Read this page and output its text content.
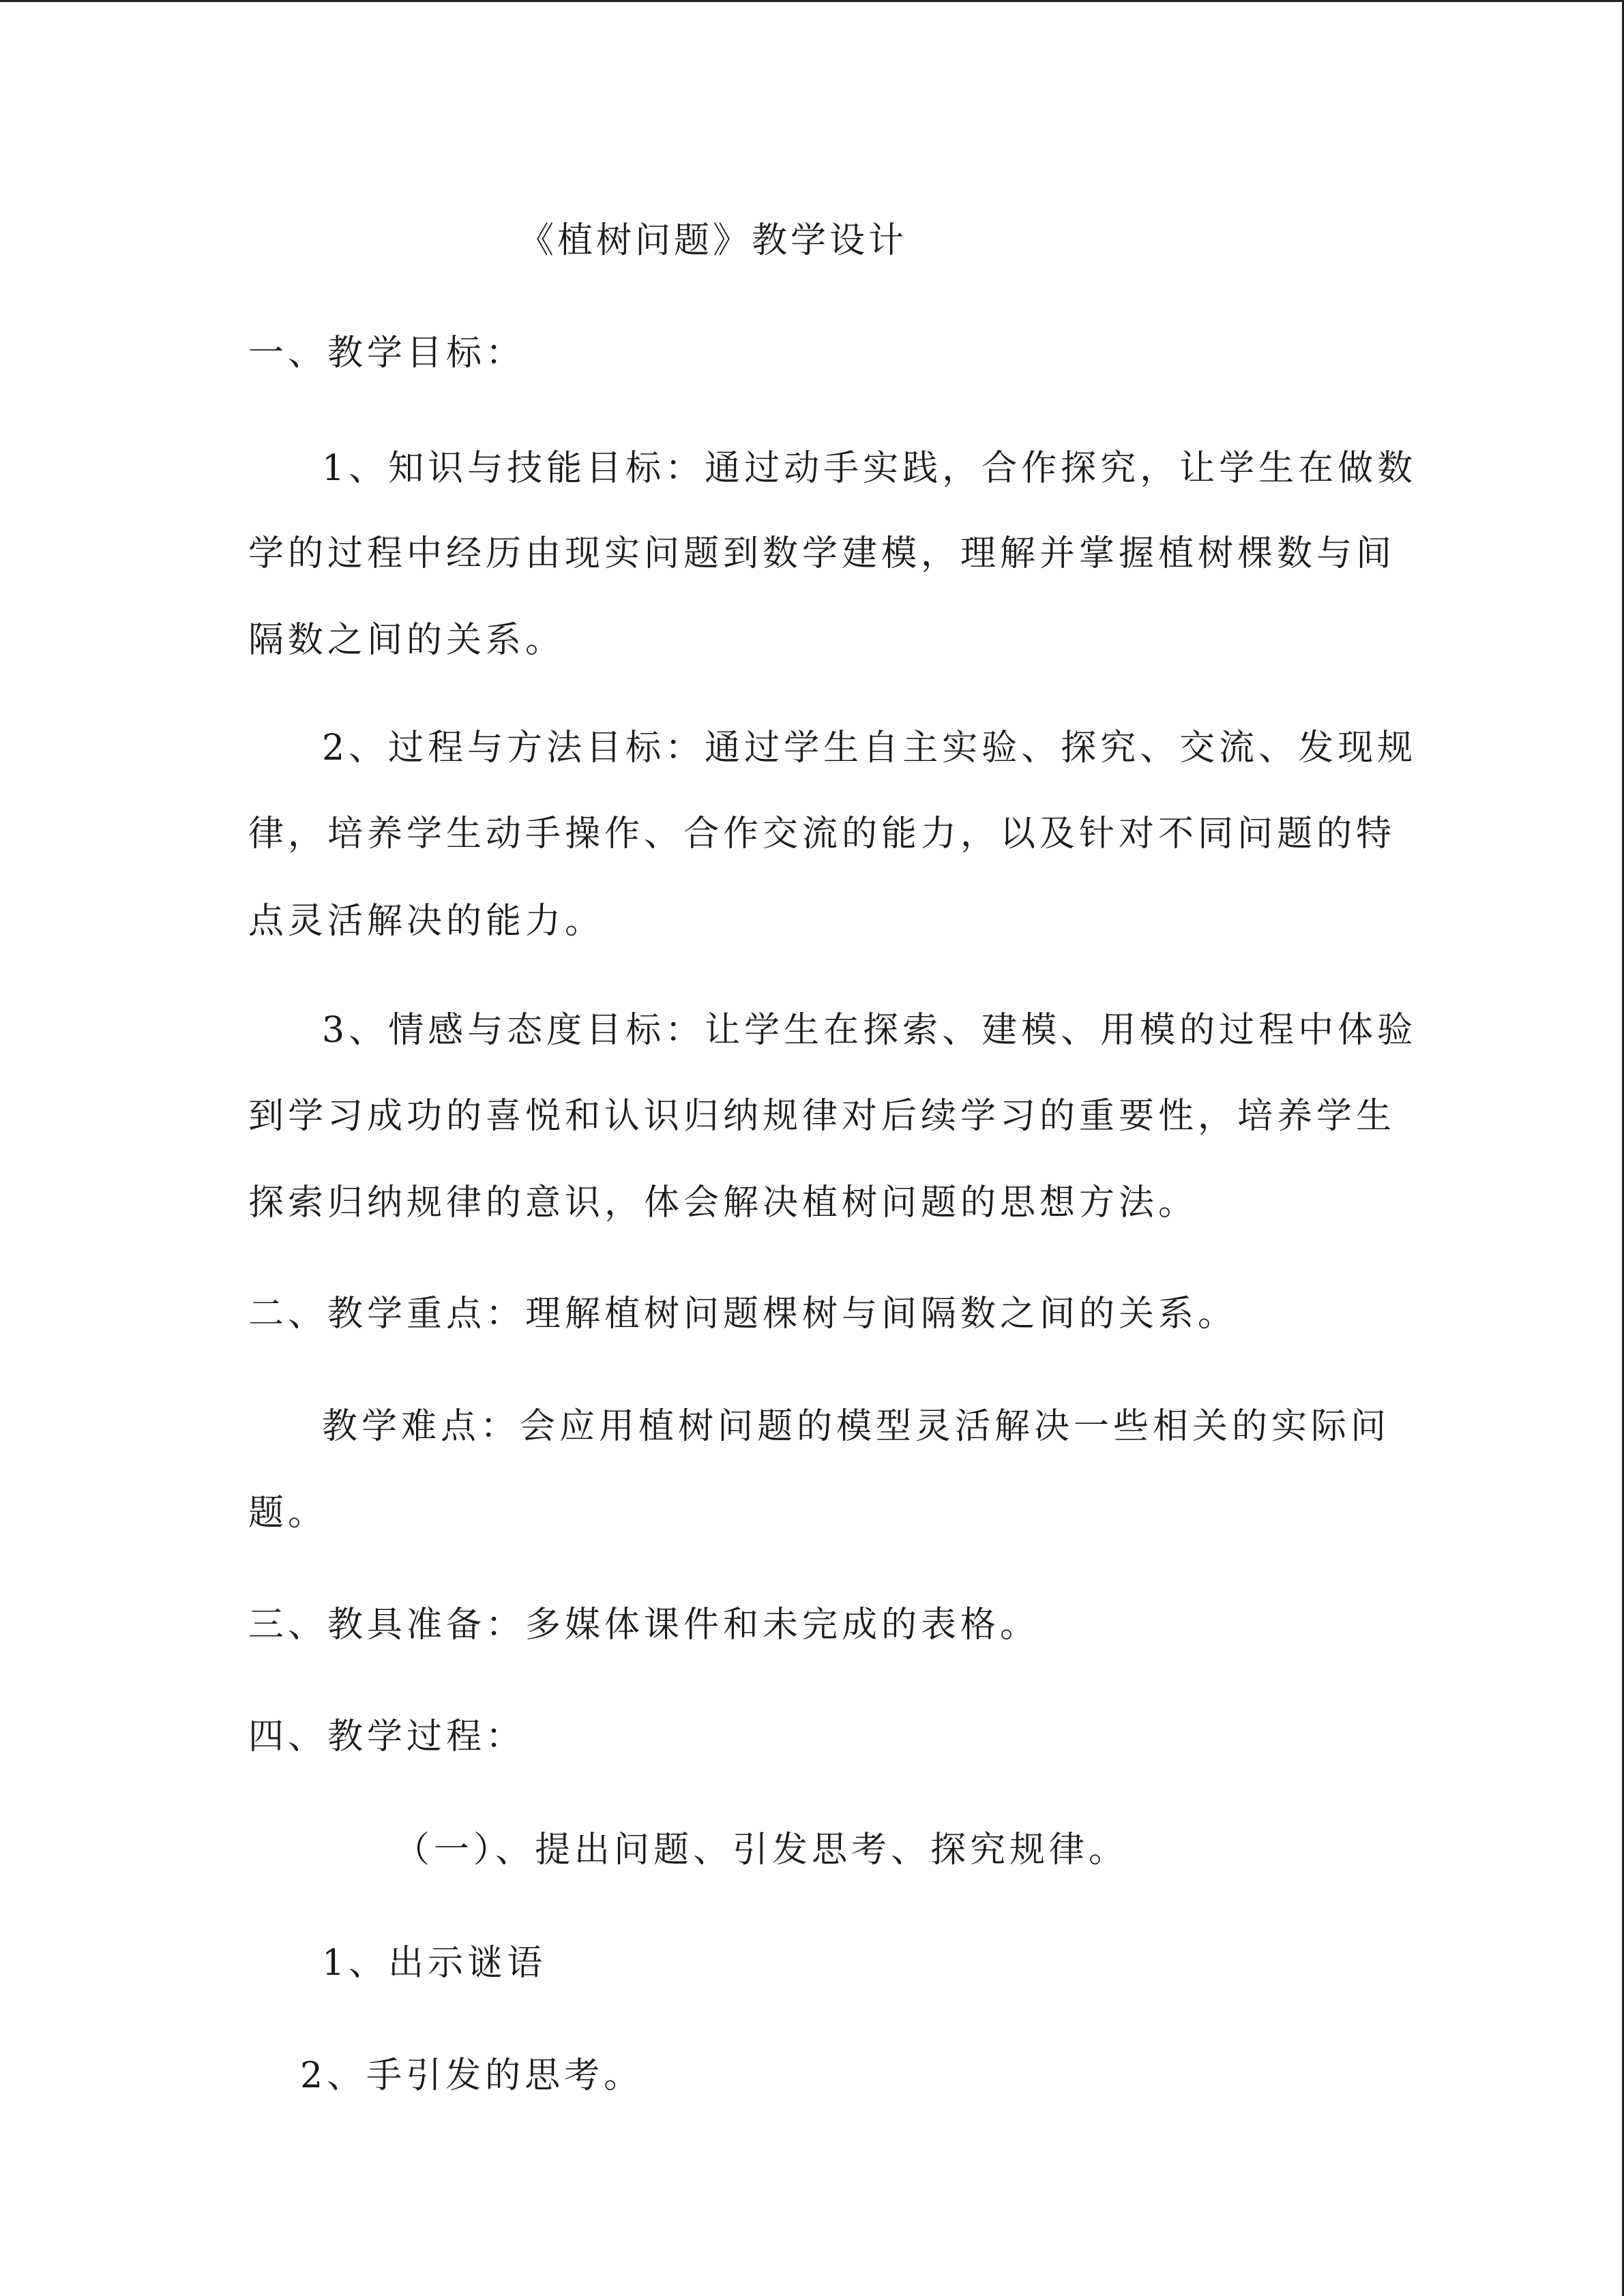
《植树问题》教学设计
一、教学目标：
1、知识与技能目标：通过动手实践，合作探究，让学生在做数
学的过程中经历由现实问题到数学建模，理解并掌握植树棵数与间
隔数之间的关系。
2、过程与方法目标：通过学生自主实验、探究、交流、发现规
律，培养学生动手操作、合作交流的能力，以及针对不同问题的特
点灵活解决的能力。
3、情感与态度目标：让学生在探索、建模、用模的过程中体验
到学习成功的喜悦和认识归纳规律对后续学习的重要性，培养学生
探索归纳规律的意识，体会解决植树问题的思想方法。
二、教学重点：理解植树问题棵树与间隔数之间的关系。
教学难点：会应用植树问题的模型灵活解决一些相关的实际问
题。
三、教具准备：多媒体课件和未完成的表格。
四、教学过程：
（一）、提出问题、引发思考、探究规律。
1、出示谜语
2、手引发的思考。
